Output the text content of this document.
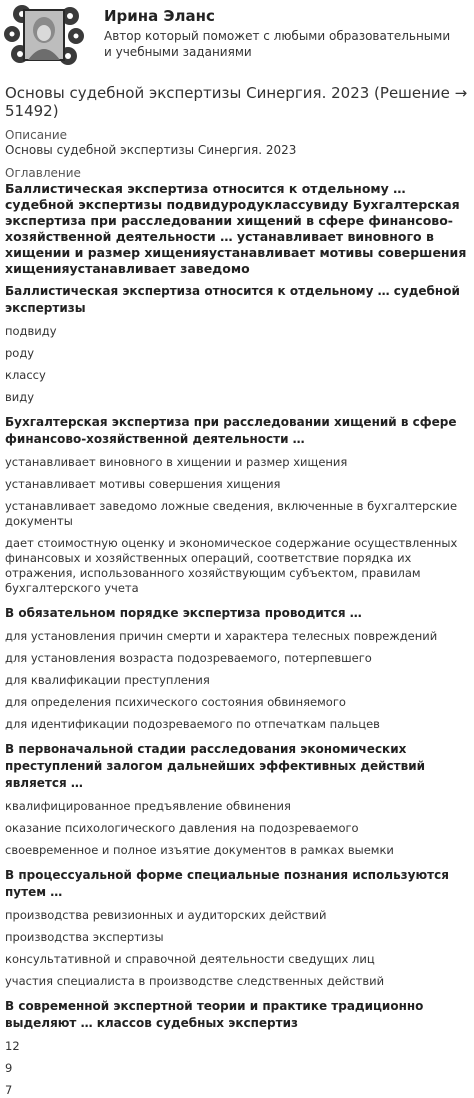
Ирина Эланс
Автор который поможет с любыми образовательными и учебными заданиями
Основы судебной экспертизы Синергия. 2023 (Решение → 51492)
Описание
Основы судебной экспертизы Синергия. 2023
Оглавление
Баллистическая экспертиза относится к отдельному … судебной экспертизы подвидуродуклассувиду Бухгалтерская экспертиза при расследовании хищений в сфере финансово-хозяйственной деятельности … устанавливает виновного в хищении и размер хищенияустанавливает мотивы совершения хищенияустанавливает заведомо
Баллистическая экспертиза относится к отдельному … судебной экспертизы
подвиду
роду
классу
виду
Бухгалтерская экспертиза при расследовании хищений в сфере финансово-хозяйственной деятельности …
устанавливает виновного в хищении и размер хищения
устанавливает мотивы совершения хищения
устанавливает заведомо ложные сведения, включенные в бухгалтерские документы
дает стоимостную оценку и экономическое содержание осуществленных финансовых и хозяйственных операций, соответствие порядка их отражения, использованного хозяйствующим субъектом, правилам бухгалтерского учета
В обязательном порядке экспертиза проводится …
для установления причин смерти и характера телесных повреждений
для установления возраста подозреваемого, потерпевшего
для квалификации преступления
для определения психического состояния обвиняемого
для идентификации подозреваемого по отпечаткам пальцев
В первоначальной стадии расследования экономических преступлений залогом дальнейших эффективных действий является …
квалифицированное предъявление обвинения
оказание психологического давления на подозреваемого
своевременное и полное изъятие документов в рамках выемки
В процессуальной форме специальные познания используются путем …
производства ревизионных и аудиторских действий
производства экспертизы
консультативной и справочной деятельности сведущих лиц
участия специалиста в производстве следственных действий
В современной экспертной теории и практике традиционно выделяют … классов судебных экспертиз
12
9
7
